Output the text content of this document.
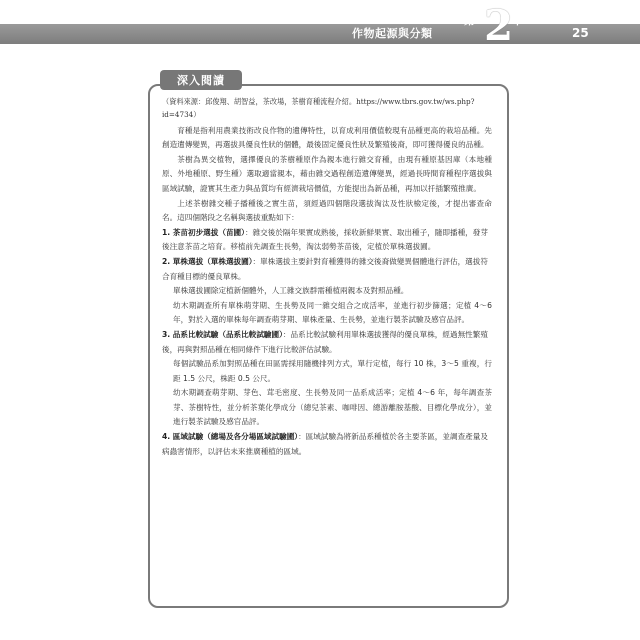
作物起源與分類
第 2
章
25
深入閱讀
（資料來源：邱俊翔、胡智益，茶改場，茶樹育種流程介紹。https://www.tbrs.gov.tw/ws.php?id=4734）

育種是指利用農業技術改良作物的遺傳特性，以育成利用價值較現有品種更高的栽培品種。先創造遺傳變異，再選拔具優良性狀的個體，最後固定優良性狀及繁殖後裔，即可獲得優良的品種。

茶樹為異交植物，選擇優良的茶樹種原作為親本進行雜交育種，由現有種原基因庫（本地種原、外地種原、野生種）選取適當親本，藉由雜交過程創造遺傳變異，經過長時間育種程序選拔與區域試驗，證實其生產力與品質均有經濟栽培價值，方能提出為新品種，再加以扦插繁殖推廣。

上述茶樹雜交種子播種後之實生苗，須經過四個階段選拔淘汰及性狀檢定後，才提出審查命名。這四個階段之名稱與選拔重點如下：

1. 茶苗初步選拔（苗圃）：雜交後於隔年果實成熟後，採收新鮮果實、取出種子，隨即播種，發芽後注意茶苗之培育。移植前先調查生長勢，淘汰弱勢茶苗後，定植於單株選拔圃。
2. 單株選拔（單株選拔圃）：單株選拔主要針對育種獲得的雜交後裔做變異個體進行評估，選拔符合育種目標的優良單株。
單株選拔圃除定植新個體外，人工雜交族群需種植兩親本及對照品種。
幼木期調查所有單株萌芽期、生長勢及同一雜交組合之成活率，並進行初步篩選；定植 4～6 年，對於入選的單株每年調查萌芽期、單株產量、生長勢，並進行製茶試驗及感官品評。
3. 品系比較試驗（品系比較試驗圃）：品系比較試驗利用單株選拔獲得的優良單株，經過無性繁殖後，再與對照品種在相同條件下進行比較評估試驗。
每個試驗品系加對照品種在田區需採用隨機排列方式，單行定植，每行 10 株，3～5 重複，行距 1.5 公尺，株距 0.5 公尺。
幼木期調查萌芽期、芽色、茸毛密度、生長勢及同一品系成活率；定植 4～6 年，每年調查茶芽、茶樹特性，並分析茶葉化學成分（總兒茶素、咖啡因、總游離胺基酸、目標化學成分），並進行製茶試驗及感官品評。
4. 區域試驗（總場及各分場區域試驗圃）：區域試驗為將新品系種植於各主要茶區，並調查產量及病蟲害情形，以評估未來推廣種植的區域。
